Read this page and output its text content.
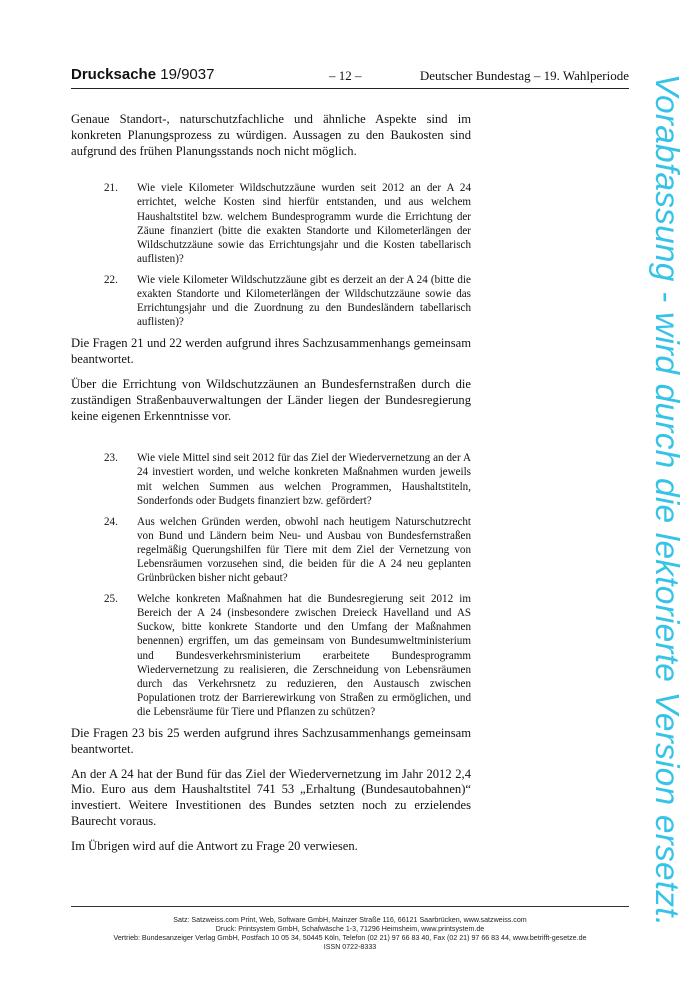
Drucksache 19/9037	– 12 –	Deutscher Bundestag – 19. Wahlperiode

Genaue Standort-, naturschutzfachliche und ähnliche Aspekte sind im konkreten Planungsprozess zu würdigen. Aussagen zu den Baukosten sind aufgrund des frühen Planungsstands noch nicht möglich.

21.	Wie viele Kilometer Wildschutzzäune wurden seit 2012 an der A 24 errichtet, welche Kosten sind hierfür entstanden, und aus welchem Haushaltstitel bzw. welchem Bundesprogramm wurde die Errichtung der Zäune finanziert (bitte die exakten Standorte und Kilometerlängen der Wildschutzzäune sowie das Errichtungsjahr und die Kosten tabellarisch auflisten)?
22.	Wie viele Kilometer Wildschutzzäune gibt es derzeit an der A 24 (bitte die exakten Standorte und Kilometerlängen der Wildschutzzäune sowie das Errichtungsjahr und die Zuordnung zu den Bundesländern tabellarisch auflisten)?

Die Fragen 21 und 22 werden aufgrund ihres Sachzusammenhangs gemeinsam beantwortet.

Über die Errichtung von Wildschutzzäunen an Bundesfernstraßen durch die zuständigen Straßenbauverwaltungen der Länder liegen der Bundesregierung keine eigenen Erkenntnisse vor.

23.	Wie viele Mittel sind seit 2012 für das Ziel der Wiedervernetzung an der A 24 investiert worden, und welche konkreten Maßnahmen wurden jeweils mit welchen Summen aus welchen Programmen, Haushaltstiteln, Sonderfonds oder Budgets finanziert bzw. gefördert?
24.	Aus welchen Gründen werden, obwohl nach heutigem Naturschutzrecht von Bund und Ländern beim Neu- und Ausbau von Bundesfernstraßen regelmäßig Querungshilfen für Tiere mit dem Ziel der Vernetzung von Lebensräumen vorzusehen sind, die beiden für die A 24 neu geplanten Grünbrücken bisher nicht gebaut?
25.	Welche konkreten Maßnahmen hat die Bundesregierung seit 2012 im Bereich der A 24 (insbesondere zwischen Dreieck Havelland und AS Suckow, bitte konkrete Standorte und den Umfang der Maßnahmen benennen) ergriffen, um das gemeinsam von Bundesumweltministerium und Bundesverkehrsministerium erarbeitete Bundesprogramm Wiedervernetzung zu realisieren, die Zerschneidung von Lebensräumen durch das Verkehrsnetz zu reduzieren, den Austausch zwischen Populationen trotz der Barrierewirkung von Straßen zu ermöglichen, und die Lebensräume für Tiere und Pflanzen zu schützen?

Die Fragen 23 bis 25 werden aufgrund ihres Sachzusammenhangs gemeinsam beantwortet.

An der A 24 hat der Bund für das Ziel der Wiedervernetzung im Jahr 2012 2,4 Mio. Euro aus dem Haushaltstitel 741 53 „Erhaltung (Bundesautobahnen)“ investiert. Weitere Investitionen des Bundes setzten noch zu erzielendes Baurecht voraus.

Im Übrigen wird auf die Antwort zu Frage 20 verwiesen.	Vorabfassung - wird durch die lektorierte Version ersetzt.
Satz: Satzweiss.com Print, Web, Software GmbH, Mainzer Straße 116, 66121 Saarbrücken, www.satzweiss.com
Druck: Printsystem GmbH, Schafwäsche 1-3, 71296 Heimsheim, www.printsystem.de
Vertrieb: Bundesanzeiger Verlag GmbH, Postfach 10 05 34, 50445 Köln, Telefon (02 21) 97 66 83 40, Fax (02 21) 97 66 83 44, www.betrifft-gesetze.de
ISSN 0722-8333
